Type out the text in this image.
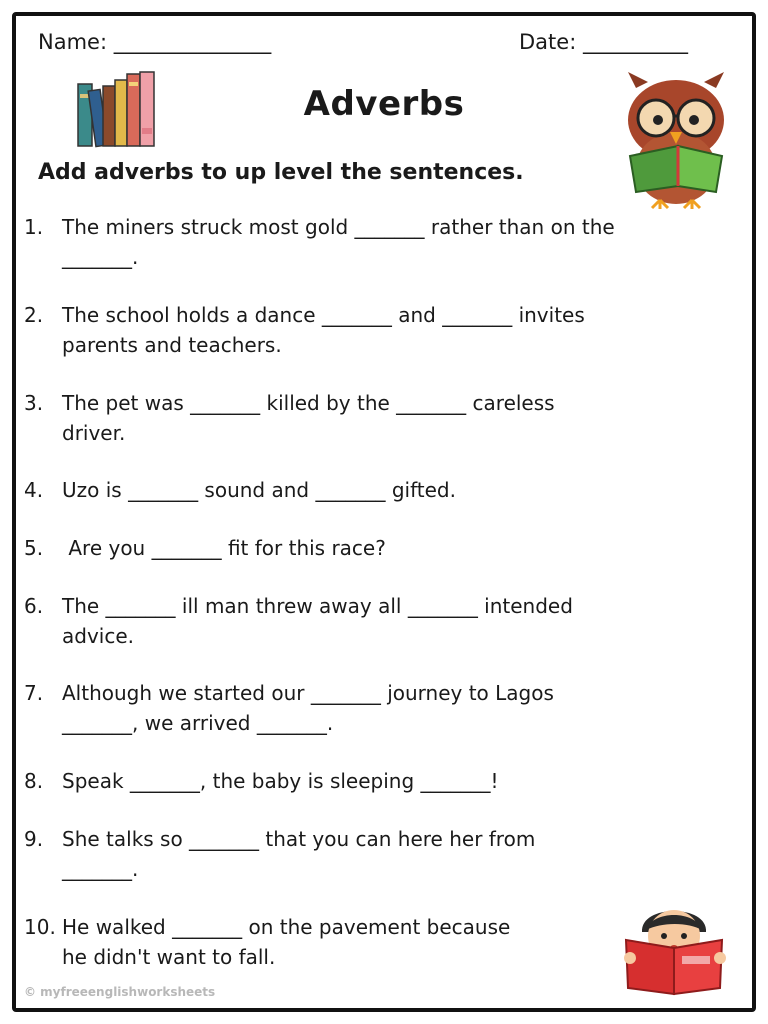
Name: _______________	Date: __________
Adverbs
Add adverbs to up level the sentences.
1. The miners struck most gold _______ rather than on the
_______.
2. The school holds a dance _______ and _______ invites
parents and teachers.
3. The pet was _______ killed by the _______ careless
driver.
4. Uzo is _______ sound and _______ gifted.
5. Are you _______ fit for this race?
6. The _______ ill man threw away all _______ intended
advice.
7. Although we started our _______ journey to Lagos
_______, we arrived _______.
8. Speak _______, the baby is sleeping _______!
9. She talks so _______ that you can here her from
_______.
10. He walked _______ on the pavement because
he didn't want to fall.
© myfreeenglishworksheets
